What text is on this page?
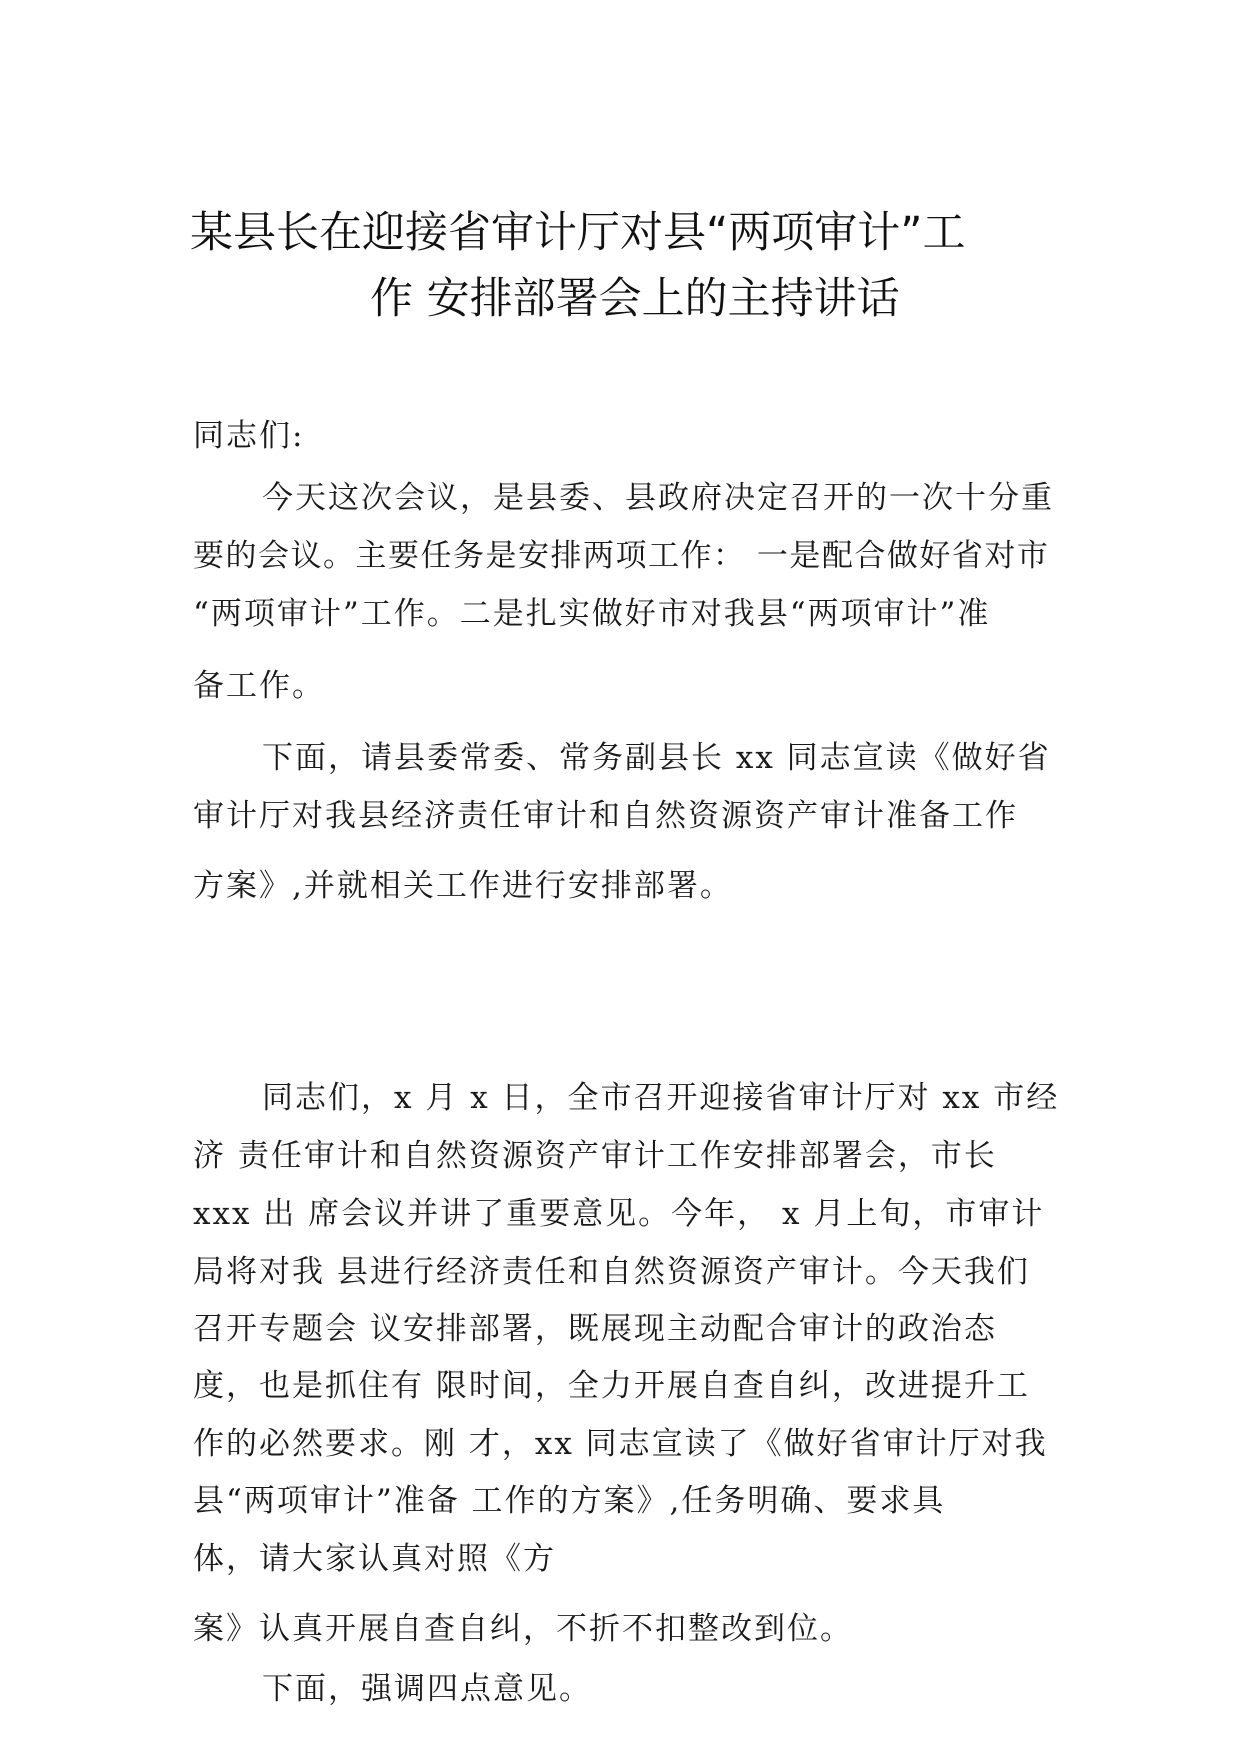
某县长在迎接省审计厅对县“两项审计”工
作 安排部署会上的主持讲话
同志们:
今天这次会议，是县委、县政府决定召开的一次十分重
要的会议。主要任务是安排两项工作： 一是配合做好省对市
“两项审计”工作。二是扎实做好市对我县“两项审计”准
备工作。
下面，请县委常委、常务副县长 xx 同志宣读《做好省
审计厅对我县经济责任审计和自然资源资产审计准备工作
方案》,并就相关工作进行安排部署。
同志们，x 月 x 日，全市召开迎接省审计厅对 xx 市经
济 责任审计和自然资源资产审计工作安排部署会，市长
xxx 出 席会议并讲了重要意见。今年， x 月上旬，市审计
局将对我 县进行经济责任和自然资源资产审计。今天我们
召开专题会 议安排部署，既展现主动配合审计的政治态
度，也是抓住有 限时间，全力开展自查自纠，改进提升工
作的必然要求。刚 才，xx 同志宣读了《做好省审计厅对我
县“两项审计”准备 工作的方案》,任务明确、要求具
体，请大家认真对照《方
案》认真开展自查自纠，不折不扣整改到位。
下面，强调四点意见。
